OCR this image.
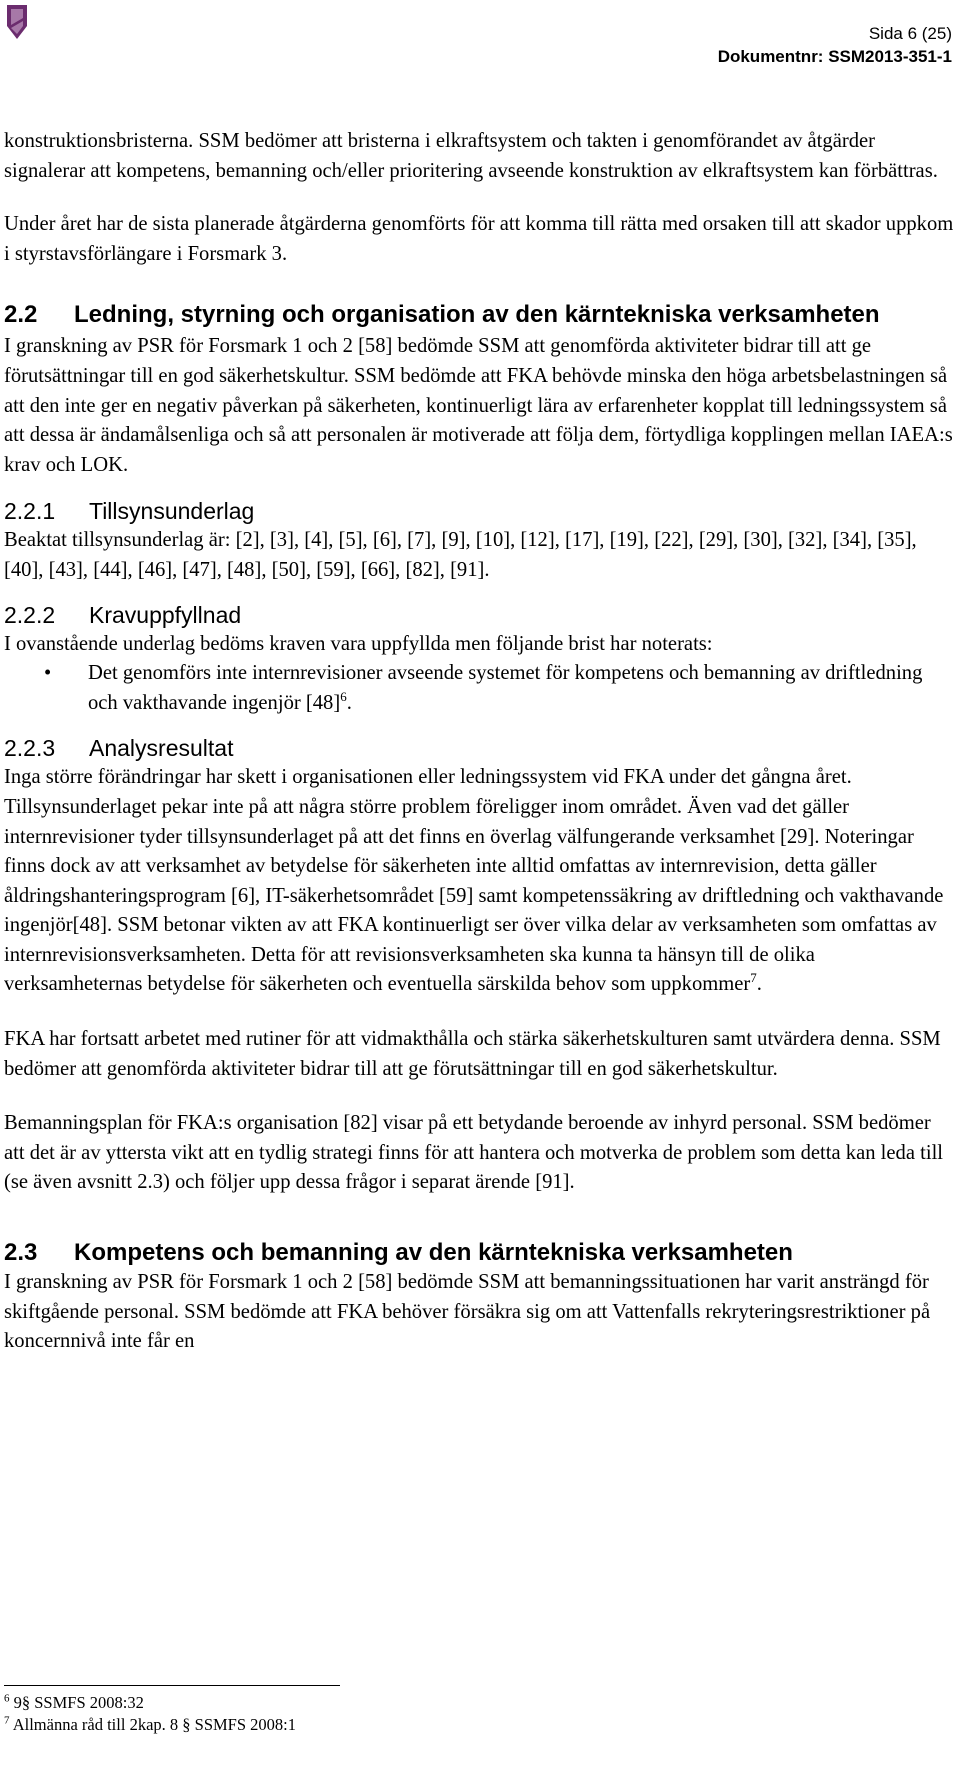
Sida 6 (25)
Dokumentnr: SSM2013-351-1

konstruktionsbristerna. SSM bedömer att bristerna i elkraftsystem och takten i genomförandet av åtgärder signalerar att kompetens, bemanning och/eller prioritering avseende konstruktion av elkraftsystem kan förbättras.

Under året har de sista planerade åtgärderna genomförts för att komma till rätta med orsaken till att skador uppkom i styrstavsförlängare i Forsmark 3.

2.2 Ledning, styrning och organisation av den kärntekniska verksamheten

I granskning av PSR för Forsmark 1 och 2 [58] bedömde SSM att genomförda aktiviteter bidrar till att ge förutsättningar till en god säkerhetskultur. SSM bedömde att FKA behövde minska den höga arbetsbelastningen så att den inte ger en negativ påverkan på säkerheten, kontinuerligt lära av erfarenheter kopplat till ledningssystem så att dessa är ändamålsenliga och så att personalen är motiverade att följa dem, förtydliga kopplingen mellan IAEA:s krav och LOK.

2.2.1 Tillsynsunderlag

Beaktat tillsynsunderlag är: [2], [3], [4], [5], [6], [7], [9], [10], [12], [17], [19], [22], [29], [30], [32], [34], [35], [40], [43], [44], [46], [47], [48], [50], [59], [66], [82], [91].

2.2.2 Kravuppfyllnad

I ovanstående underlag bedöms kraven vara uppfyllda men följande brist har noterats:

• Det genomförs inte internrevisioner avseende systemet för kompetens och bemanning av driftledning och vakthavande ingenjör $[48]^6$.
2.2.3 Analysresultat

Inga större förändringar har skett i organisationen eller ledningssystem vid FKA under det gångna året. Tillsynsunderlaget pekar inte på att några större problem föreligger inom området. Även vad det gäller internrevisioner tyder tillsynsunderlaget på att det finns en överlag välfungerande verksamhet [29]. Noteringar finns dock av att verksamhet av betydelse för säkerheten inte alltid omfattas av internrevision, detta gäller åldringshanteringsprogram [6], IT-säkerhetsområdet [59] samt kompetenssäkring av driftledning och vakthavande ingenjör[48]. SSM betonar vikten av att FKA kontinuerligt ser över vilka delar av verksamheten som omfattas av internrevisionsverksamheten. Detta för att revisionsverksamheten ska kunna ta hänsyn till de olika verksamheternas betydelse för säkerheten och eventuella särskilda behov som uppkommer$^7$.

FKA har fortsatt arbetet med rutiner för att vidmakthålla och stärka säkerhetskulturen samt utvärdera denna. SSM bedömer att genomförda aktiviteter bidrar till att ge förutsättningar till en god säkerhetskultur.

Bemanningsplan för FKA:s organisation [82] visar på ett betydande beroende av inhyrd personal. SSM bedömer att det är av yttersta vikt att en tydlig strategi finns för att hantera och motverka de problem som detta kan leda till (se även avsnitt 2.3) och följer upp dessa frågor i separat ärende [91].

2.3 Kompetens och bemanning av den kärntekniska verksamheten

I granskning av PSR för Forsmark 1 och 2 [58] bedömde SSM att bemanningssituationen har varit ansträngd för skiftgående personal. SSM bedömde att FKA behöver försäkra sig om att Vattenfalls rekryteringsrestriktioner på koncernnivå inte får en

$^6$ 9§ SSMFS 2008:32
$^7$ Allmänna råd till 2kap. 8 § SSMFS 2008:1
